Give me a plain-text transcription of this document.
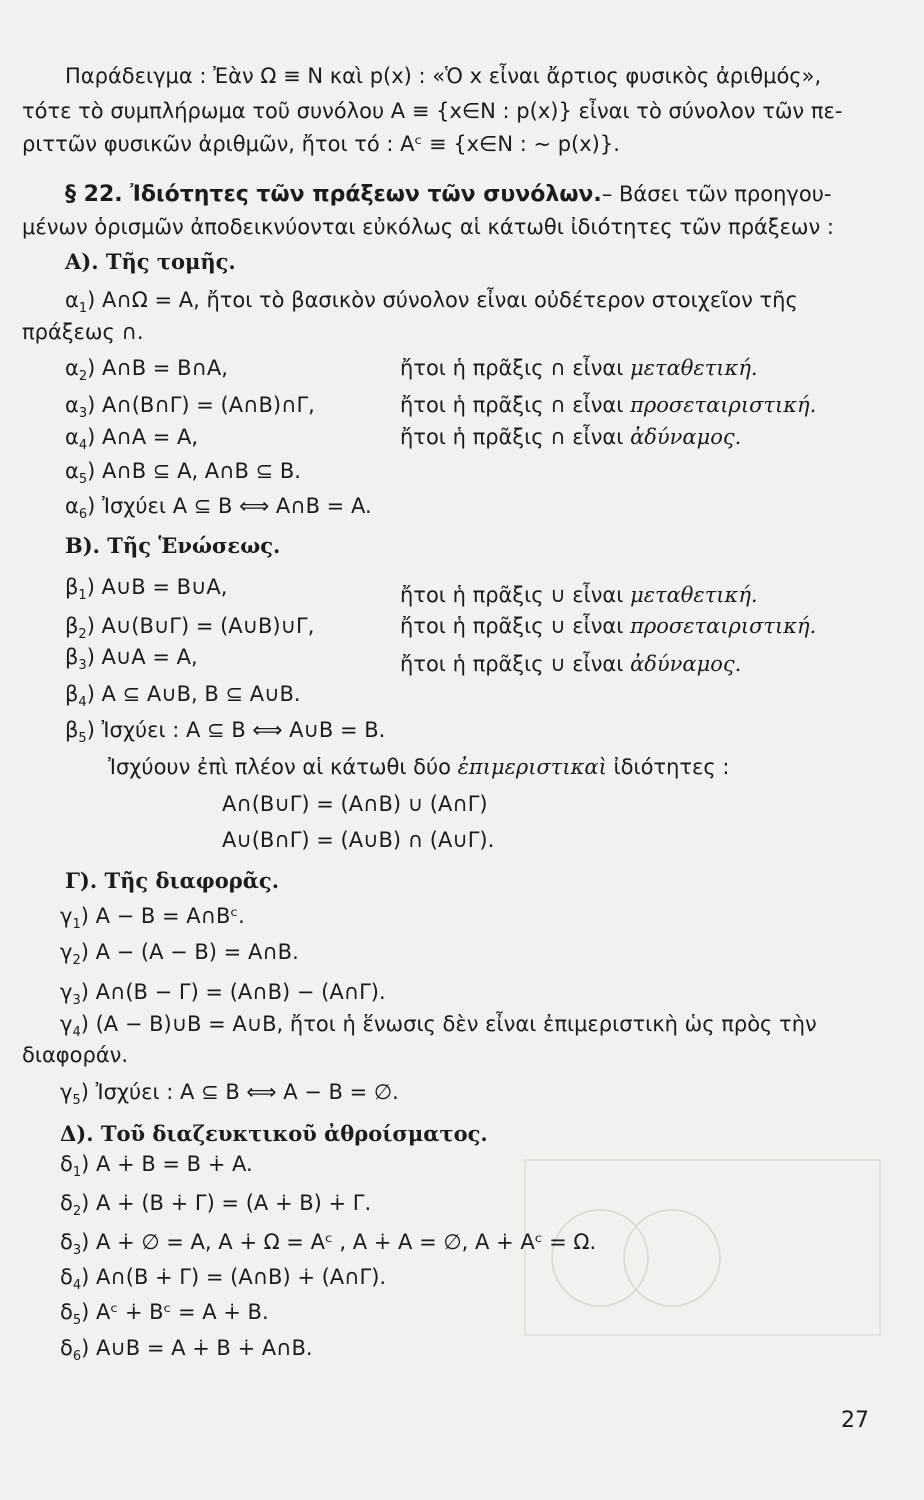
Παράδειγμα : Ἐὰν Ω ≡ N καὶ p(x) : «Ὁ x εἶναι ἄρτιος φυσικὸς ἀριθμός»,
τότε τὸ συμπλήρωμα τοῦ συνόλου A ≡ {x∈N : p(x)} εἶναι τὸ σύνολον τῶν πε-
ριττῶν φυσικῶν ἀριθμῶν, ἤτοι τό : Aᶜ ≡ {x∈N : ∼ p(x)}.
§ 22. Ἰδιότητες τῶν πράξεων τῶν συνόλων.– Βάσει τῶν προηγου-
μένων ὁρισμῶν ἀποδεικνύονται εὐκόλως αἱ κάτωθι ἰδιότητες τῶν πράξεων :
Α). Τῆς τομῆς.
$\alpha_1$) A∩Ω = A, ἤτοι τὸ βασικὸν σύνολον εἶναι οὐδέτερον στοιχεῖον τῆς
πράξεως ∩.
$\alpha_2$) A∩B = B∩A,	ἤτοι ἡ πρᾶξις ∩ εἶναι μεταθετική.
$\alpha_3$) A∩(B∩Γ) = (A∩B)∩Γ,	ἤτοι ἡ πρᾶξις ∩ εἶναι προσεταιριστική.
$\alpha_4$) A∩A = A,	ἤτοι ἡ πρᾶξις ∩ εἶναι ἀδύναμος.
$\alpha_5$) A∩B ⊆ A, A∩B ⊆ B.
$\alpha_6$) Ἰσχύει A ⊆ B ⟺ A∩B = A.
Β). Τῆς Ἑνώσεως.
$\beta_1$) A∪B = B∪A,	ἤτοι ἡ πρᾶξις ∪ εἶναι μεταθετική.
$\beta_2$) A∪(B∪Γ) = (A∪B)∪Γ,	ἤτοι ἡ πρᾶξις ∪ εἶναι προσεταιριστική.
$\beta_3$) A∪A = A,	ἤτοι ἡ πρᾶξις ∪ εἶναι ἀδύναμος.
$\beta_4$) A ⊆ A∪B, B ⊆ A∪B.
$\beta_5$) Ἰσχύει : A ⊆ B ⟺ A∪B = B.
Ἰσχύουν ἐπὶ πλέον αἱ κάτωθι δύο ἐπιμεριστικαὶ ἰδιότητες :
A∩(B∪Γ) = (A∩B) ∪ (A∩Γ)
A∪(B∩Γ) = (A∪B) ∩ (A∪Γ).
Γ). Τῆς διαφορᾶς.
$\gamma_1$) A − B = A∩Bᶜ.
$\gamma_2$) A − (A − B) = A∩B.
$\gamma_3$) A∩(B − Γ) = (A∩B) − (A∩Γ).
$\gamma_4$) (A − B)∪B = A∪B, ἤτοι ἡ ἕνωσις δὲν εἶναι ἐπιμεριστικὴ ὡς πρὸς τὴν
διαφοράν.
$\gamma_5$) Ἰσχύει : A ⊆ B ⟺ A − B = ∅.
Δ). Τοῦ διαζευκτικοῦ ἀθροίσματος.
$\delta_1$) A ∔ B = B ∔ A.
$\delta_2$) A ∔ (B ∔ Γ) = (A ∔ B) ∔ Γ.
$\delta_3$) A ∔ ∅ = A, A ∔ Ω = Aᶜ , A ∔ A = ∅, A ∔ Aᶜ = Ω.
$\delta_4$) A∩(B ∔ Γ) = (A∩B) ∔ (A∩Γ).
$\delta_5$) Aᶜ ∔ Bᶜ = A ∔ B.
$\delta_6$) A∪B = A ∔ B ∔ A∩B.
27
